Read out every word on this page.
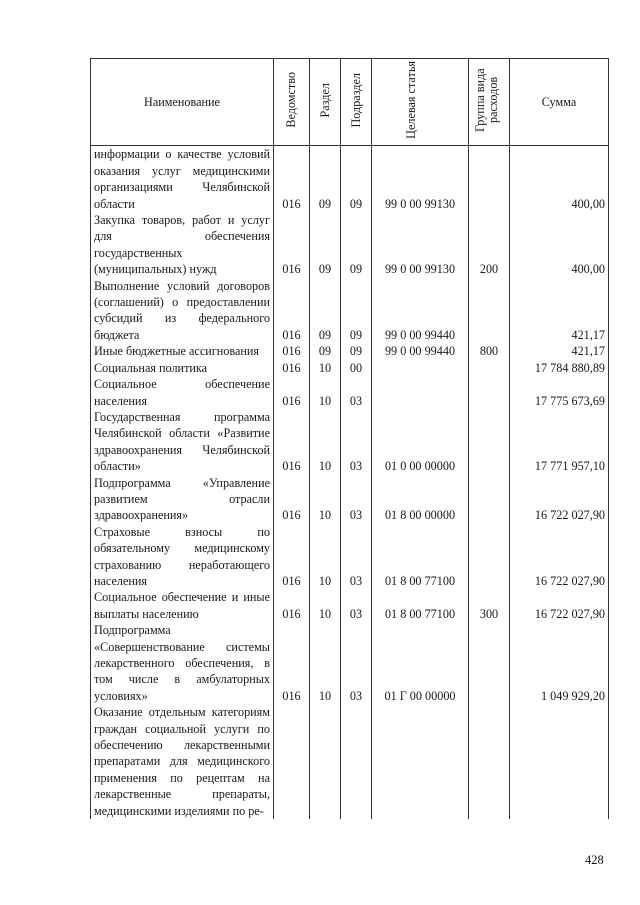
Наименование	Ведомство	Раздел	Подраздел	Целевая статья	Группа вида расходов	Сумма
информации о качестве условий оказания услуг медицинскими организациями Челябинской области	016	09	09	99 0 00 99130		400,00
Закупка товаров, работ и услуг для обеспечения государственных (муниципальных) нужд	016	09	09	99 0 00 99130	200	400,00
Выполнение условий договоров (соглашений) о предоставлении субсидий из федерального бюджета	016	09	09	99 0 00 99440		421,17
Иные бюджетные ассигнования	016	09	09	99 0 00 99440	800	421,17
Социальная политика	016	10	00			17 784 880,89
Социальное обеспечение населения	016	10	03			17 775 673,69
Государственная программа Челябинской области «Развитие здравоохранения Челябинской области»	016	10	03	01 0 00 00000		17 771 957,10
Подпрограмма «Управление развитием отрасли здравоохранения»	016	10	03	01 8 00 00000		16 722 027,90
Страховые взносы по обязательному медицинскому страхованию неработающего населения	016	10	03	01 8 00 77100		16 722 027,90
Социальное обеспечение и иные выплаты населению	016	10	03	01 8 00 77100	300	16 722 027,90
Подпрограмма «Совершенствование системы лекарственного обеспечения, в том числе в амбулаторных условиях»	016	10	03	01 Г 00 00000		1 049 929,20
Оказание отдельным категориям граждан социальной услуги по обеспечению лекарственными препаратами для медицинского применения по рецептам на лекарственные препараты, медицинскими изделиями по ре-						
428
